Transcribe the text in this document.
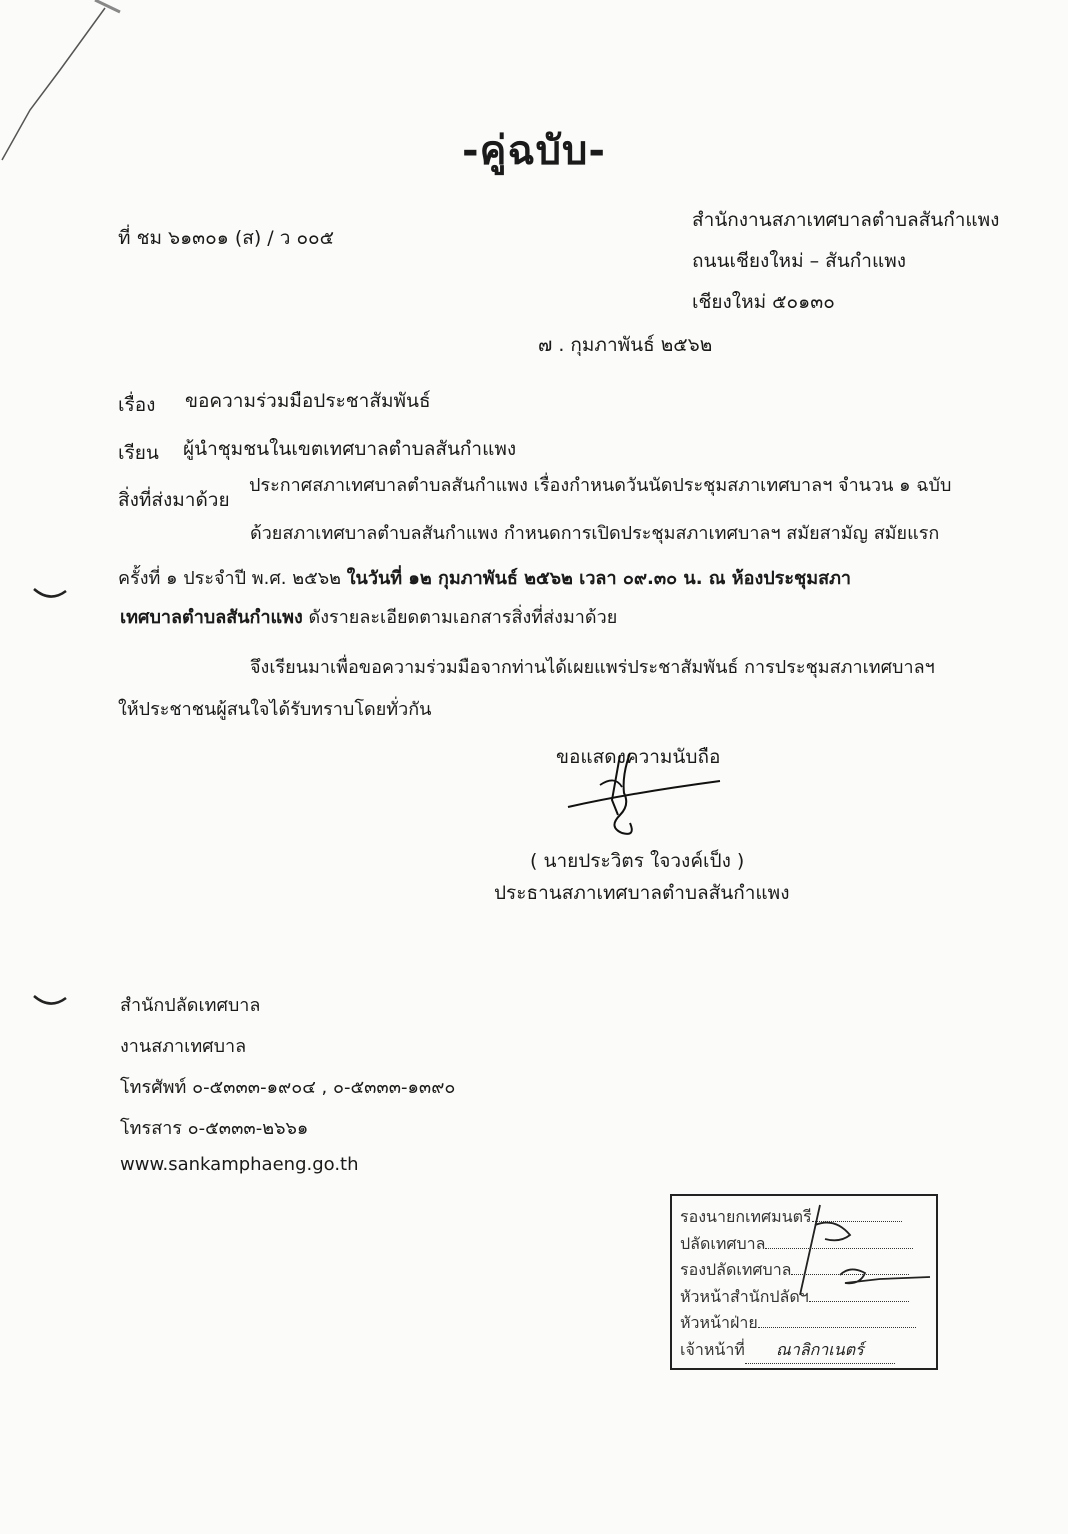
-คู่ฉบับ-
ที่ ชม ๖๑๓๐๑ (ส) / ว ๐๐๕
สำนักงานสภาเทศบาลตำบลสันกำแพง
ถนนเชียงใหม่ – สันกำแพง
เชียงใหม่ ๕๐๑๓๐
๗ . กุมภาพันธ์ ๒๕๖๒
เรื่อง ขอความร่วมมือประชาสัมพันธ์
เรียน ผู้นำชุมชนในเขตเทศบาลตำบลสันกำแพง
สิ่งที่ส่งมาด้วย
ประกาศสภาเทศบาลตำบลสันกำแพง เรื่องกำหนดวันนัดประชุมสภาเทศบาลฯ จำนวน ๑ ฉบับ
ด้วยสภาเทศบาลตำบลสันกำแพง กำหนดการเปิดประชุมสภาเทศบาลฯ สมัยสามัญ สมัยแรก
ครั้งที่ ๑ ประจำปี พ.ศ. ๒๕๖๒ ในวันที่ ๑๒ กุมภาพันธ์ ๒๕๖๒ เวลา ๐๙.๓๐ น. ณ ห้องประชุมสภา
เทศบาลตำบลสันกำแพง ดังรายละเอียดตามเอกสารสิ่งที่ส่งมาด้วย
จึงเรียนมาเพื่อขอความร่วมมือจากท่านได้เผยแพร่ประชาสัมพันธ์ การประชุมสภาเทศบาลฯ
ให้ประชาชนผู้สนใจได้รับทราบโดยทั่วกัน
ขอแสดงความนับถือ
( นายประวิตร ใจวงค์เป็ง )
ประธานสภาเทศบาลตำบลสันกำแพง
สำนักปลัดเทศบาล
งานสภาเทศบาล
โทรศัพท์ ๐-๕๓๓๓-๑๙๐๔ , ๐-๕๓๓๓-๑๓๙๐
โทรสาร ๐-๕๓๓๓-๒๖๖๑
www.sankamphaeng.go.th
รองนายกเทศมนตรี
ปลัดเทศบาล
รองปลัดเทศบาล
หัวหน้าสำนักปลัดฯ
หัวหน้าฝ่าย
เจ้าหน้าที่ ณาลิกาเนตร์
